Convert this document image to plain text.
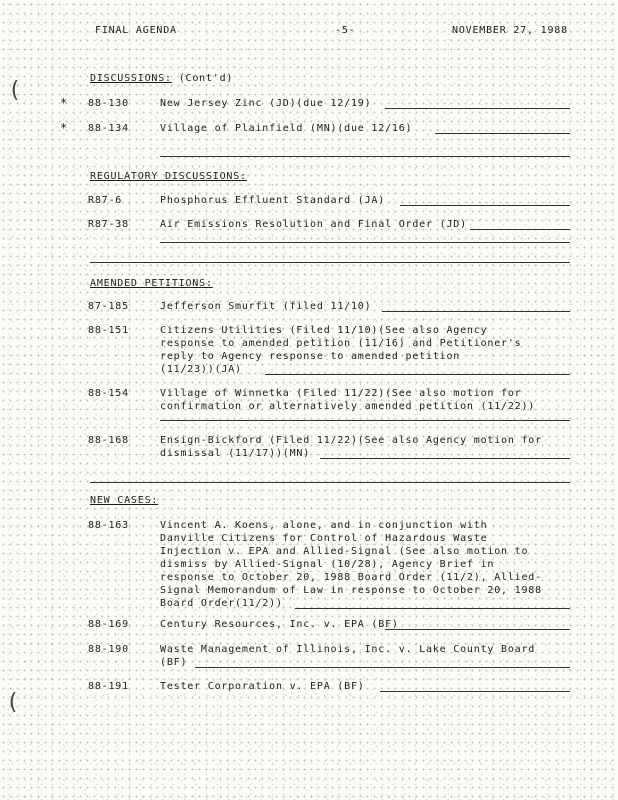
FINAL AGENDA	-5-	NOVEMBER 27, 1988
(
(
DISCUSSIONS: (Cont'd)
* 88-130	New Jersey Zinc (JD)(due 12/19)
* 88-134	Village of Plainfield (MN)(due 12/16)
REGULATORY DISCUSSIONS:
R87-6	Phosphorus Effluent Standard (JA)
R87-38	Air Emissions Resolution and Final Order (JD)
AMENDED PETITIONS:
87-185	Jefferson Smurfit (filed 11/10)
88-151	Citizens Utilities (Filed 11/10)(See also Agency
response to amended petition (11/16) and Petitioner's
reply to Agency response to amended petition
(11/23))(JA)
88-154	Village of Winnetka (Filed 11/22)(See also motion for
confirmation or alternatively amended petition (11/22))
88-168	Ensign-Bickford (Filed 11/22)(See also Agency motion for
dismissal (11/17))(MN)
NEW CASES:
88-163	Vincent A. Koens, alone, and in conjunction with
Danville Citizens for Control of Hazardous Waste
Injection v. EPA and Allied-Signal (See also motion to
dismiss by Allied-Signal (10/28), Agency Brief in
response to October 20, 1988 Board Order (11/2), Allied-
Signal Memorandum of Law in response to October 20, 1988
Board Order(11/2))
88-169	Century Resources, Inc. v. EPA (BF)
88-190	Waste Management of Illinois, Inc. v. Lake County Board
(BF)
88-191	Tester Corporation v. EPA (BF)
